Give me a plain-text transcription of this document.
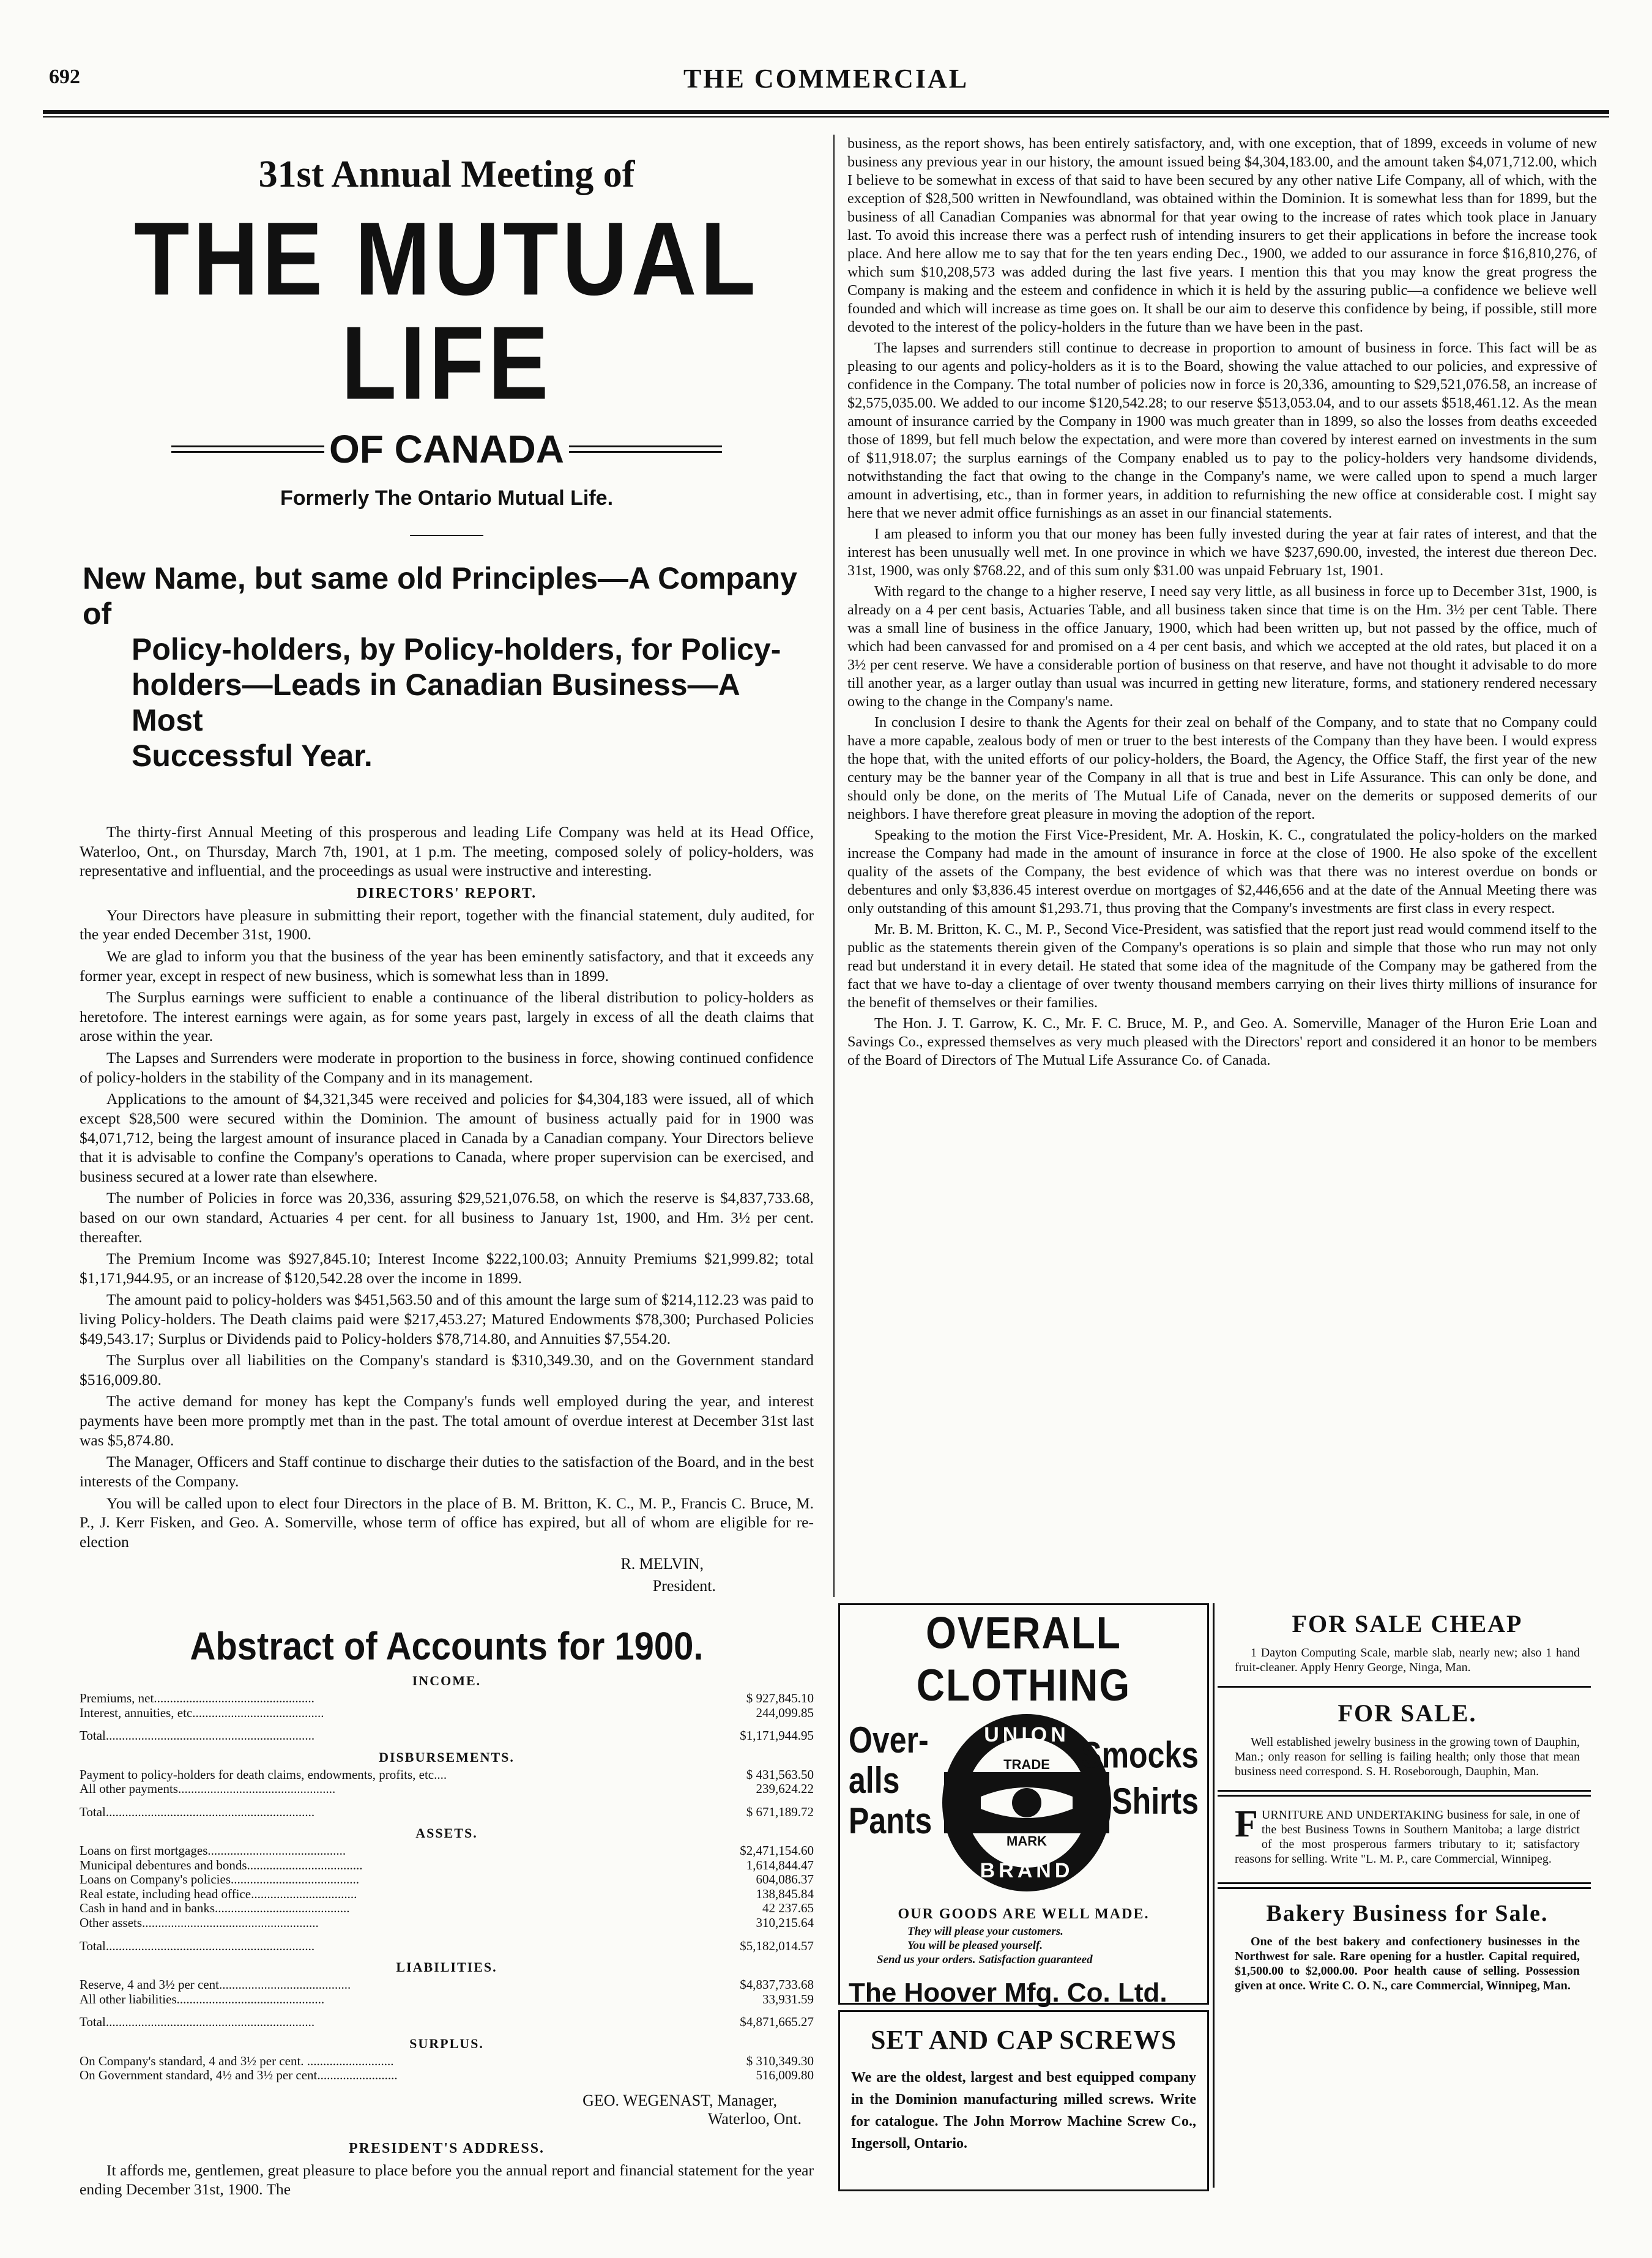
692	THE COMMERCIAL
31st Annual Meeting of
THE MUTUAL LIFE
OF CANADA
Formerly The Ontario Mutual Life.
New Name, but same old Principles—A Company of
Policy-holders, by Policy-holders, for Policy-
holders—Leads in Canadian Business—A Most
Successful Year.

The thirty-first Annual Meeting of this prosperous and leading Life Company was held at its Head Office, Waterloo, Ont., on Thursday, March 7th, 1901, at 1 p.m. The meeting, composed solely of policy-holders, was representative and influential, and the proceedings as usual were instructive and interesting.

DIRECTORS' REPORT.

Your Directors have pleasure in submitting their report, together with the financial statement, duly audited, for the year ended December 31st, 1900.

We are glad to inform you that the business of the year has been eminently satisfactory, and that it exceeds any former year, except in respect of new business, which is somewhat less than in 1899.

The Surplus earnings were sufficient to enable a continuance of the liberal distribution to policy-holders as heretofore. The interest earnings were again, as for some years past, largely in excess of all the death claims that arose within the year.

The Lapses and Surrenders were moderate in proportion to the business in force, showing continued confidence of policy-holders in the stability of the Company and in its management.

Applications to the amount of $4,321,345 were received and policies for $4,304,183 were issued, all of which except $28,500 were secured within the Dominion. The amount of business actually paid for in 1900 was $4,071,712, being the largest amount of insurance placed in Canada by a Canadian company. Your Directors believe that it is advisable to confine the Company's operations to Canada, where proper supervision can be exercised, and business secured at a lower rate than elsewhere.

The number of Policies in force was 20,336, assuring $29,521,076.58, on which the reserve is $4,837,733.68, based on our own standard, Actuaries 4 per cent. for all business to January 1st, 1900, and Hm. 3½ per cent. thereafter.

The Premium Income was $927,845.10; Interest Income $222,100.03; Annuity Premiums $21,999.82; total $1,171,944.95, or an increase of $120,542.28 over the income in 1899.

The amount paid to policy-holders was $451,563.50 and of this amount the large sum of $214,112.23 was paid to living Policy-holders. The Death claims paid were $217,453.27; Matured Endowments $78,300; Purchased Policies $49,543.17; Surplus or Dividends paid to Policy-holders $78,714.80, and Annuities $7,554.20.

The Surplus over all liabilities on the Company's standard is $310,349.30, and on the Government standard $516,009.80.

The active demand for money has kept the Company's funds well employed during the year, and interest payments have been more promptly met than in the past. The total amount of overdue interest at December 31st last was $5,874.80.

The Manager, Officers and Staff continue to discharge their duties to the satisfaction of the Board, and in the best interests of the Company.

You will be called upon to elect four Directors in the place of B. M. Britton, K. C., M. P., Francis C. Bruce, M. P., J. Kerr Fisken, and Geo. A. Somerville, whose term of office has expired, but all of whom are eligible for re-election

R. MELVIN,
President.
Abstract of Accounts for 1900.
INCOME.
Premiums, net..................................................	$ 927,845.10
Interest, annuities, etc.........................................	244,099.85
Total.................................................................	$1,171,944.95
DISBURSEMENTS.
Payment to policy-holders for death claims, endowments, profits, etc....	$ 431,563.50
All other payments.................................................	239,624.22
Total.................................................................	$ 671,189.72
ASSETS.
Loans on first mortgages...........................................	$2,471,154.60
Municipal debentures and bonds....................................	1,614,844.47
Loans on Company's policies........................................	604,086.37
Real estate, including head office.................................	138,845.84
Cash in hand and in banks..........................................	42 237.65
Other assets.......................................................	310,215.64
Total.................................................................	$5,182,014.57
LIABILITIES.
Reserve, 4 and 3½ per cent.........................................	$4,837,733.68
All other liabilities..............................................	33,931.59
Total.................................................................	$4,871,665.27
SURPLUS.
On Company's standard, 4 and 3½ per cent. ...........................	$ 310,349.30
On Government standard, 4½ and 3½ per cent.........................	516,009.80
GEO. WEGENAST, Manager,
Waterloo, Ont.
PRESIDENT'S ADDRESS.

It affords me, gentlemen, great pleasure to place before you the annual report and financial statement for the year ending December 31st, 1900. The

business, as the report shows, has been entirely satisfactory, and, with one exception, that of 1899, exceeds in volume of new business any previous year in our history, the amount issued being $4,304,183.00, and the amount taken $4,071,712.00, which I believe to be somewhat in excess of that said to have been secured by any other native Life Company, all of which, with the exception of $28,500 written in Newfoundland, was obtained within the Dominion. It is somewhat less than for 1899, but the business of all Canadian Companies was abnormal for that year owing to the increase of rates which took place in January last. To avoid this increase there was a perfect rush of intending insurers to get their applications in before the increase took place. And here allow me to say that for the ten years ending Dec., 1900, we added to our assurance in force $16,810,276, of which sum $10,208,573 was added during the last five years. I mention this that you may know the great progress the Company is making and the esteem and confidence in which it is held by the assuring public—a confidence we believe well founded and which will increase as time goes on. It shall be our aim to deserve this confidence by being, if possible, still more devoted to the interest of the policy-holders in the future than we have been in the past.

The lapses and surrenders still continue to decrease in proportion to amount of business in force. This fact will be as pleasing to our agents and policy-holders as it is to the Board, showing the value attached to our policies, and expressive of confidence in the Company. The total number of policies now in force is 20,336, amounting to $29,521,076.58, an increase of $2,575,035.00. We added to our income $120,542.28; to our reserve $513,053.04, and to our assets $518,461.12. As the mean amount of insurance carried by the Company in 1900 was much greater than in 1899, so also the losses from deaths exceeded those of 1899, but fell much below the expectation, and were more than covered by interest earned on investments in the sum of $11,918.07; the surplus earnings of the Company enabled us to pay to the policy-holders very handsome dividends, notwithstanding the fact that owing to the change in the Company's name, we were called upon to spend a much larger amount in advertising, etc., than in former years, in addition to refurnishing the new office at considerable cost. I might say here that we never admit office furnishings as an asset in our financial statements.

I am pleased to inform you that our money has been fully invested during the year at fair rates of interest, and that the interest has been unusually well met. In one province in which we have $237,690.00, invested, the interest due thereon Dec. 31st, 1900, was only $768.22, and of this sum only $31.00 was unpaid February 1st, 1901.

With regard to the change to a higher reserve, I need say very little, as all business in force up to December 31st, 1900, is already on a 4 per cent basis, Actuaries Table, and all business taken since that time is on the Hm. 3½ per cent Table. There was a small line of business in the office January, 1900, which had been written up, but not passed by the office, much of which had been canvassed for and promised on a 4 per cent basis, and which we accepted at the old rates, but placed it on a 3½ per cent reserve. We have a considerable portion of business on that reserve, and have not thought it advisable to do more till another year, as a larger outlay than usual was incurred in getting new literature, forms, and stationery rendered necessary owing to the change in the Company's name.

In conclusion I desire to thank the Agents for their zeal on behalf of the Company, and to state that no Company could have a more capable, zealous body of men or truer to the best interests of the Company than they have been. I would express the hope that, with the united efforts of our policy-holders, the Board, the Agency, the Office Staff, the first year of the new century may be the banner year of the Company in all that is true and best in Life Assurance. This can only be done, and should only be done, on the merits of The Mutual Life of Canada, never on the demerits or supposed demerits of our neighbors. I have therefore great pleasure in moving the adoption of the report.

Speaking to the motion the First Vice-President, Mr. A. Hoskin, K. C., congratulated the policy-holders on the marked increase the Company had made in the amount of insurance in force at the close of 1900. He also spoke of the excellent quality of the assets of the Company, the best evidence of which was that there was no interest overdue on bonds or debentures and only $3,836.45 interest overdue on mortgages of $2,446,656 and at the date of the Annual Meeting there was only outstanding of this amount $1,293.71, thus proving that the Company's investments are first class in every respect.

Mr. B. M. Britton, K. C., M. P., Second Vice-President, was satisfied that the report just read would commend itself to the public as the statements therein given of the Company's operations is so plain and simple that those who run may not only read but understand it in every detail. He stated that some idea of the magnitude of the Company may be gathered from the fact that we have to-day a clientage of over twenty thousand members carrying on their lives thirty millions of insurance for the benefit of themselves or their families.

The Hon. J. T. Garrow, K. C., Mr. F. C. Bruce, M. P., and Geo. A. Somerville, Manager of the Huron Erie Loan and Savings Co., expressed themselves as very much pleased with the Directors' report and considered it an honor to be members of the Board of Directors of The Mutual Life Assurance Co. of Canada.

OVERALL CLOTHING
Over-
alls
Pants
UNION
TRADE
MARK
BRAND
Smocks
Shirts
OUR GOODS ARE WELL MADE.
They will please your customers.
You will be pleased yourself.
Send us your orders. Satisfaction guaranteed
The Hoover Mfg. Co. Ltd.
SET AND CAP SCREWS
We are the oldest, largest and best equipped company in the Dominion manufacturing milled screws. Write for catalogue. The John Morrow Machine Screw Co., Ingersoll, Ontario.
FOR SALE CHEAP
1 Dayton Computing Scale, marble slab, nearly new; also 1 hand fruit-cleaner. Apply Henry George, Ninga, Man.
FOR SALE.
Well established jewelry business in the growing town of Dauphin, Man.; only reason for selling is failing health; only those that mean business need correspond. S. H. Roseborough, Dauphin, Man.
F URNITURE AND UNDERTAKING business for sale, in one of the best Business Towns in Southern Manitoba; a large district of the most prosperous farmers tributary to it; satisfactory reasons for selling. Write "L. M. P., care Commercial, Winnipeg.
Bakery Business for Sale.
One of the best bakery and confectionery businesses in the Northwest for sale. Rare opening for a hustler. Capital required, $1,500.00 to $2,000.00. Poor health cause of selling. Possession given at once. Write C. O. N., care Commercial, Winnipeg, Man.
